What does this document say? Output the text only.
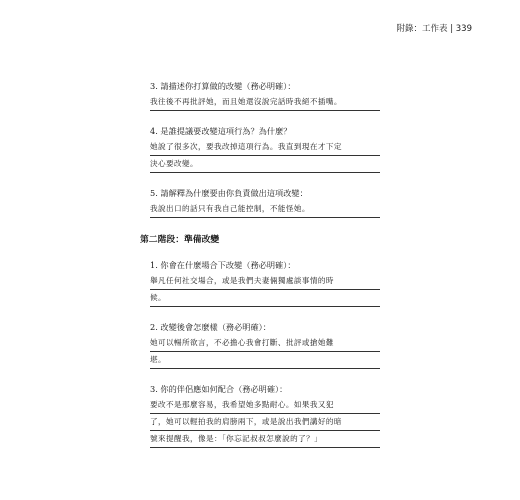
附錄：工作表 | 339
3. 請描述你打算做的改變（務必明確）：
我往後不再批評她，而且她還沒說完話時我絕不插嘴。
4. 是誰提議要改變這項行為？為什麼？
她說了很多次，要我改掉這項行為。我直到現在才下定
決心要改變。
5. 請解釋為什麼要由你負責做出這項改變：
我說出口的話只有我自己能控制，不能怪她。
第二階段：準備改變
1. 你會在什麼場合下改變（務必明確）：
舉凡任何社交場合，或是我們夫妻倆獨處談事情的時
候。
2. 改變後會怎麼樣（務必明確）：
她可以暢所欲言，不必擔心我會打斷、批評或搶她難
堪。
3. 你的伴侶應如何配合（務必明確）：
要改不是那麼容易，我希望她多點耐心。如果我又犯
了，她可以輕拍我的肩膀兩下，或是說出我們講好的暗
號來提醒我，像是：「你忘記叔叔怎麼說的了？」
